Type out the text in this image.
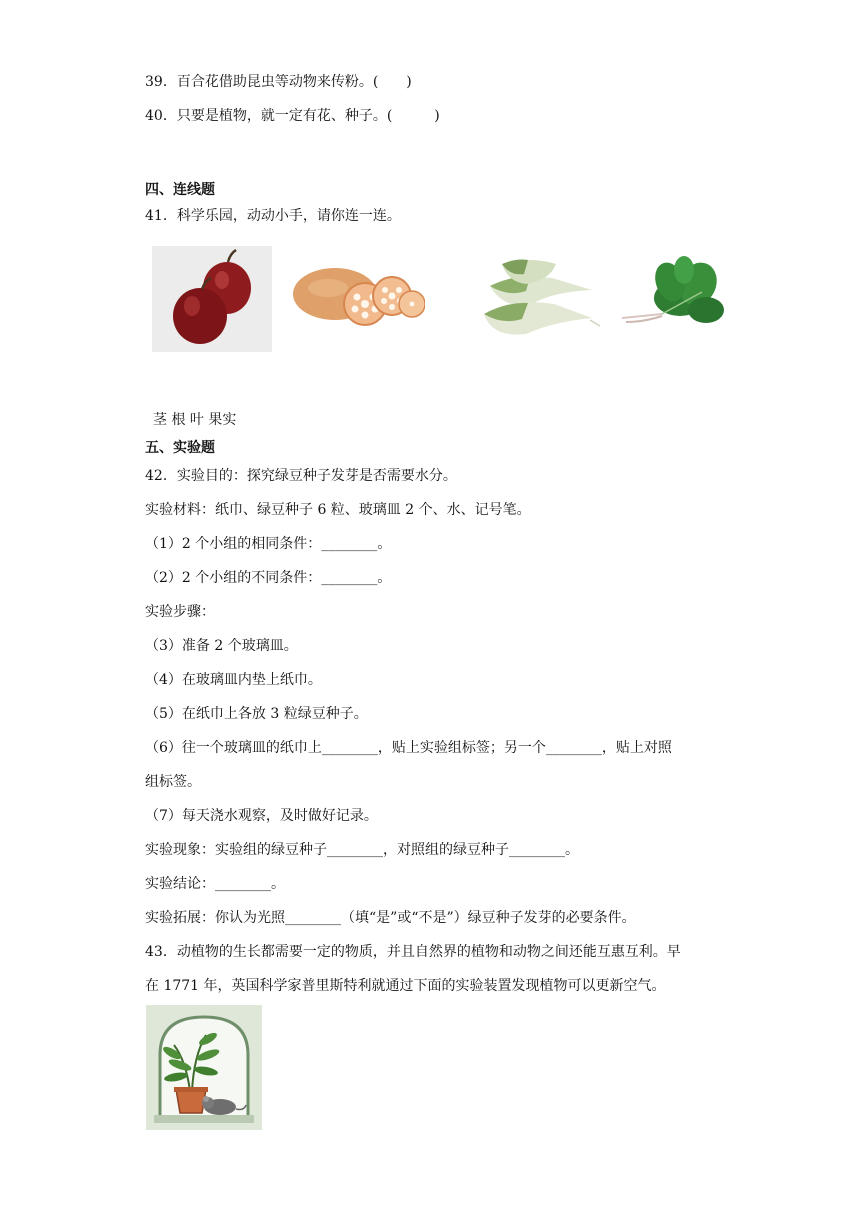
39．百合花借助昆虫等动物来传粉。(　　)
40．只要是植物，就一定有花、种子。(　　　)
四、连线题
41．科学乐园，动动小手，请你连一连。
茎 根 叶 果实
五、实验题
42．实验目的：探究绿豆种子发芽是否需要水分。
实验材料：纸巾、绿豆种子 6 粒、玻璃皿 2 个、水、记号笔。
（1）2 个小组的相同条件：________。
（2）2 个小组的不同条件：________。
实验步骤：
（3）准备 2 个玻璃皿。
（4）在玻璃皿内垫上纸巾。
（5）在纸巾上各放 3 粒绿豆种子。
（6）往一个玻璃皿的纸巾上________，贴上实验组标签；另一个________，贴上对照
组标签。
（7）每天浇水观察，及时做好记录。
实验现象：实验组的绿豆种子________，对照组的绿豆种子________。
实验结论：________。
实验拓展：你认为光照________（填“是”或“不是”）绿豆种子发芽的必要条件。
43．动植物的生长都需要一定的物质，并且自然界的植物和动物之间还能互惠互利。早
在 1771 年，英国科学家普里斯特利就通过下面的实验装置发现植物可以更新空气。
